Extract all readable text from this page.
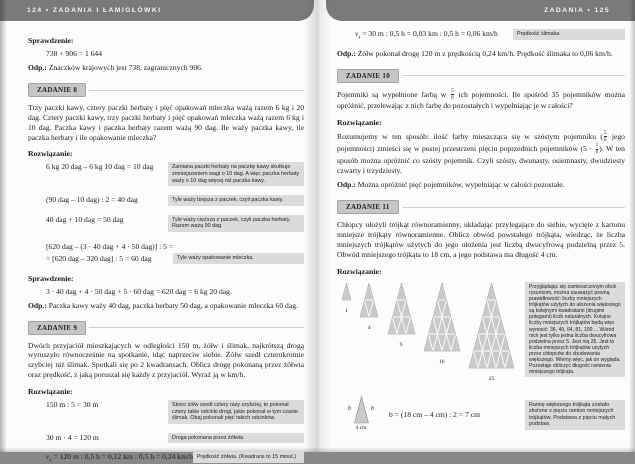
124 • ZADANIA I ŁAMIGŁÓWKI	ZADANIA • 125

Sprawdzenie:

738 + 906 = 1 644

Odp.: Znaczków krajowych jest 738, zagranicznych 906.

ZADANIE 8

Trzy paczki kawy, cztery paczki herbaty i pięć opakowań mleczka ważą razem 6 kg i 20 dag. Cztery paczki kawy, trzy paczki herbaty i pięć opakowań mleczka ważą razem 6 kg i 10 dag. Paczka kawy i paczka herbaty razem ważą 90 dag. Ile waży paczka kawy, ile paczka herbaty i ile opakowanie mleczka?

Rozwiązanie:

6 kg 20 dag – 6 kg 10 dag = 10 dag	Zamiana paczki herbaty na paczkę kawy skutkuje zmniejszeniem wagi o 10 dag. A więc paczka herbaty waży o 10 dag więcej niż paczka kawy.
(90 dag – 10 dag) : 2 = 40 dag	Tyle waży lżejsza z paczek, czyli paczka kawy.
40 dag + 10 dag = 50 dag	Tyle waży cięższa z paczek, czyli paczka herbaty. Razem ważą 90 dag.
[620 dag – (3 · 40 dag + 4 · 50 dag)] : 5 =
= [620 dag – 320 dag] : 5 = 60 dag	Tyle waży opakowanie mleczka.

Sprawdzenie:

3 · 40 dag + 4 · 50 dag + 5 · 60 dag = 620 dag = 6 kg 20 dag.

Odp.: Paczka kawy waży 40 dag, paczka herbaty 50 dag, a opakowanie mleczka 60 dag.

ZADANIE 9

Dwóch przyjaciół mieszkających w odległości 150 m, żółw i ślimak, najkrótszą drogą wyruszyło równocześnie na spotkanie, idąc naprzeciw siebie. Żółw szedł czterokrotnie szybciej niż ślimak. Spotkali się po 2 kwadransach. Oblicz drogę pokonaną przez żółwia oraz prędkość, z jaką poruszał się każdy z przyjaciół. Wyraź ją w km/h.

Rozwiązanie:

150 m : 5 = 30 m	Skoro żółw szedł cztery razy szybciej, to pokonał cztery takie odcinki drogi, jakie pokonał w tym czasie ślimak. Obaj pokonali pięć takich odcinków.
30 m · 4 = 120 m	Droga pokonana przez żółwia.
$v_ż = 120$ m : 0,5 h = 0,12 km : 0,5 h = 0,24 km/h Prędkość żółwia. (Kwadrans to 15 minut.)
$v_ś = 30$ m : 0,5 h = 0,03 km : 0,5 h = 0,06 km/h	Prędkość ślimaka.

Odp.: Żółw pokonał drogę 120 m z prędkością 0,24 km/h. Prędkość ślimaka to 0,06 km/h.

ZADANIE 10

Pojemniki są wypełnione farbą w $\frac{5}{6}$ ich pojemności. Ile spośród 35 pojemników można opróżnić, przelewając z nich farbę do pozostałych i wypełniając je w całości?

Rozwiązanie:

Rozumujemy w ten sposób: ilość farby mieszcząca się w szóstym pojemniku ( $\frac{5}{6}$ jego pojemności) zmieści się w pustej przestrzeni pięciu poprzednich pojemników ($5 \cdot \frac{1}{6}$ ). W ten sposób można opróżnić co szósty pojemnik. Czyli szósty, dwunasty, osiemnasty, dwudziesty czwarty i trzydziesty.

Odp.: Można opróżnić pięć pojemników, wypełniając w całości pozostałe.

ZADANIE 11

Chłopcy ułożyli trójkąt równoramienny, układając przylegające do siebie, wycięte z kartonu mniejsze trójkąty równoramienne. Oblicz obwód powstałego trójkąta, wiedząc, że liczba mniejszych trójkątów użytych do jego ułożenia jest liczbą dwucyfrową podzielną przez 5. Obwód mniejszego trójkąta to 18 cm, a jego podstawa ma długość 4 cm.

Rozwiązanie:

1
4
9
16
25
Przyglądając się zamieszczonym obok rysunkom, można zauważyć pewną prawidłowość: liczby mniejszych trójkątów użytych do ułożenia większego są kolejnymi kwadratami (drugimi potęgami) liczb naturalnych. Kolejne liczby mniejszych trójkątów będą więc wynosić: 36, 49, 64, 81, 100 ... Wśród nich jest tylko jedna liczba dwucyfrowa podzielna przez 5. Jest nią 25. Jest to liczba mniejszych trójkątów użytych przez chłopców do zbudowania większego. Wiemy więc, jak on wygląda. Pozostaje obliczyć długość ramienia mniejszego trójkąta.
b	b
4 cm
b = (18 cm – 4 cm) : 2 = 7 cm
Ramię większego trójkąta zostało złożone z pięciu ramion mniejszych trójkątów. Podstawa z pięciu małych podstaw.
